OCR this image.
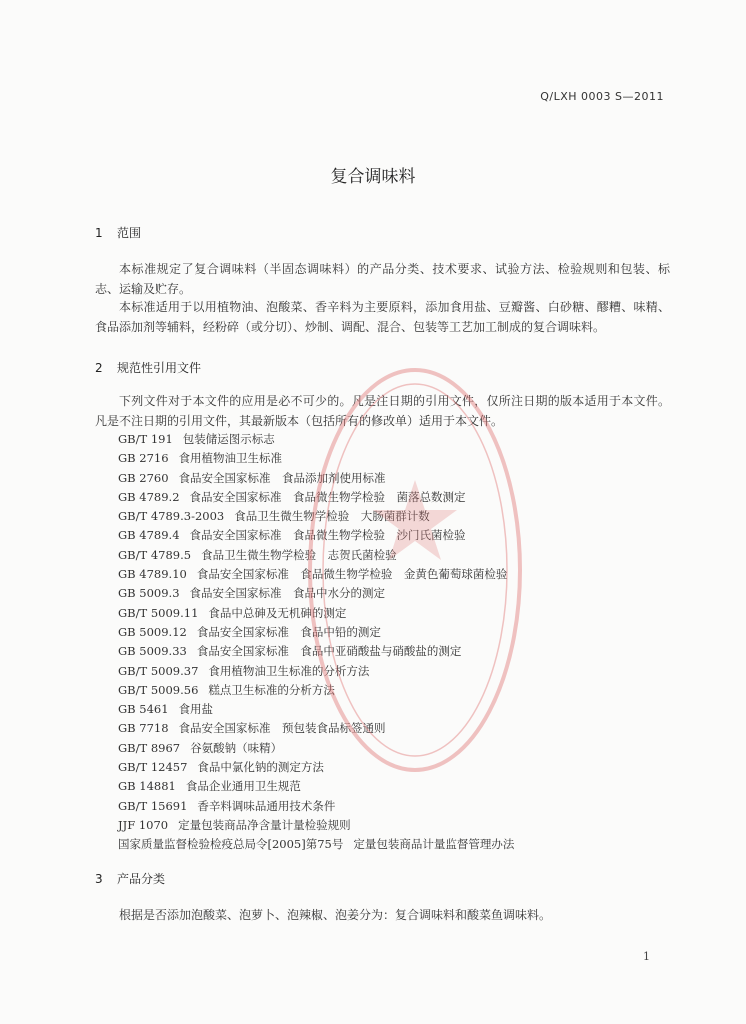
Q/LXH 0003 S—2011
复合调味料
1 范围
本标准规定了复合调味料（半固态调味料）的产品分类、技术要求、试验方法、检验规则和包装、标志、运输及贮存。
本标准适用于以用植物油、泡酸菜、香辛料为主要原料，添加食用盐、豆瓣酱、白砂糖、醪糟、味精、食品添加剂等辅料，经粉碎（或分切）、炒制、调配、混合、包装等工艺加工制成的复合调味料。
2 规范性引用文件
下列文件对于本文件的应用是必不可少的。凡是注日期的引用文件，仅所注日期的版本适用于本文件。凡是不注日期的引用文件，其最新版本（包括所有的修改单）适用于本文件。
GB/T 191 包装储运图示标志
GB 2716 食用植物油卫生标准
GB 2760 食品安全国家标准　食品添加剂使用标准
GB 4789.2 食品安全国家标准　食品微生物学检验　菌落总数测定
GB/T 4789.3-2003 食品卫生微生物学检验　大肠菌群计数
GB 4789.4 食品安全国家标准　食品微生物学检验　沙门氏菌检验
GB/T 4789.5 食品卫生微生物学检验　志贺氏菌检验
GB 4789.10 食品安全国家标准　食品微生物学检验　金黄色葡萄球菌检验
GB 5009.3 食品安全国家标准　食品中水分的测定
GB/T 5009.11 食品中总砷及无机砷的测定
GB 5009.12 食品安全国家标准　食品中铅的测定
GB 5009.33 食品安全国家标准　食品中亚硝酸盐与硝酸盐的测定
GB/T 5009.37 食用植物油卫生标准的分析方法
GB/T 5009.56 糕点卫生标准的分析方法
GB 5461 食用盐
GB 7718 食品安全国家标准　预包装食品标签通则
GB/T 8967 谷氨酸钠（味精）
GB/T 12457 食品中氯化钠的测定方法
GB 14881 食品企业通用卫生规范
GB/T 15691 香辛料调味品通用技术条件
JJF 1070 定量包装商品净含量计量检验规则
国家质量监督检验检疫总局令[2005]第75号 定量包装商品计量监督管理办法
3 产品分类
根据是否添加泡酸菜、泡萝卜、泡辣椒、泡姜分为：复合调味料和酸菜鱼调味料。
1
